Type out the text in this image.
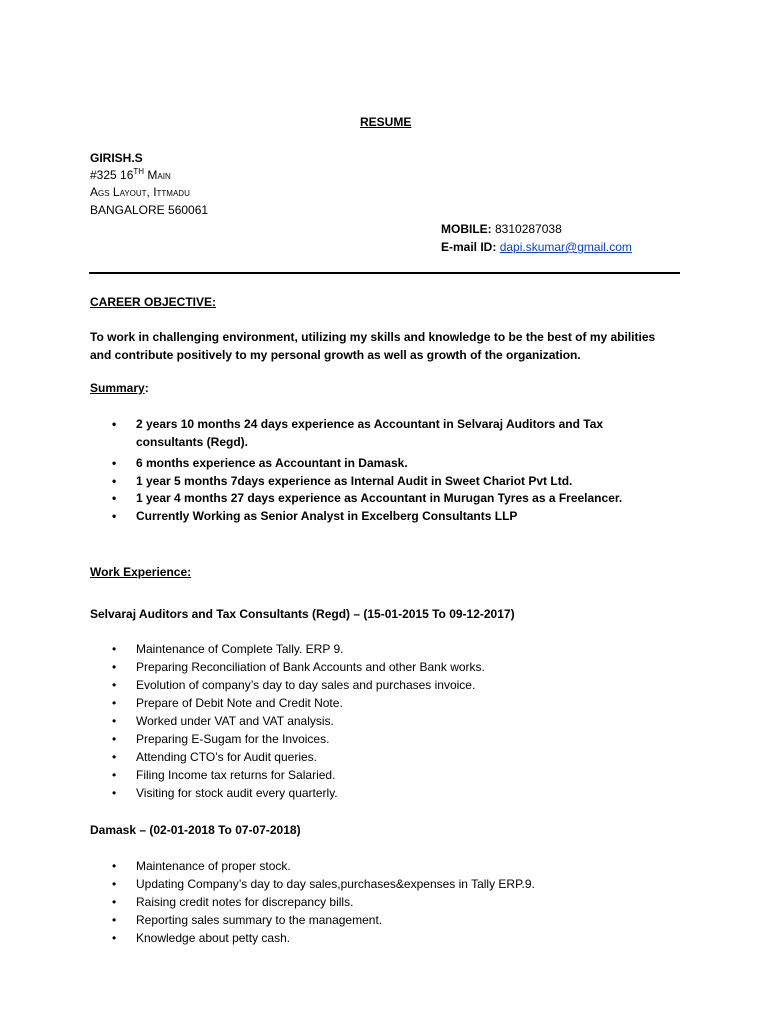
RESUME
GIRISH.S
#325 16TH Main
Ags Layout, Ittmadu
BANGALORE 560061
MOBILE: 8310287038
E-mail ID: dapi.skumar@gmail.com
CAREER OBJECTIVE:
To work in challenging environment, utilizing my skills and knowledge to be the best of my abilities and contribute positively to my personal growth as well as growth of the organization.
Summary:
• 2 years 10 months 24 days experience as Accountant in Selvaraj Auditors and Tax consultants (Regd).
• 6 months experience as Accountant in Damask.
• 1 year 5 months 7days experience as Internal Audit in Sweet Chariot Pvt Ltd.
• 1 year 4 months 27 days experience as Accountant in Murugan Tyres as a Freelancer.
• Currently Working as Senior Analyst in Excelberg Consultants LLP
Work Experience:
Selvaraj Auditors and Tax Consultants (Regd) – (15-01-2015 To 09-12-2017)
• Maintenance of Complete Tally. ERP 9.
• Preparing Reconciliation of Bank Accounts and other Bank works.
• Evolution of company’s day to day sales and purchases invoice.
• Prepare of Debit Note and Credit Note.
• Worked under VAT and VAT analysis.
• Preparing E-Sugam for the Invoices.
• Attending CTO’s for Audit queries.
• Filing Income tax returns for Salaried.
• Visiting for stock audit every quarterly.
Damask – (02-01-2018 To 07-07-2018)
• Maintenance of proper stock.
• Updating Company’s day to day sales,purchases&expenses in Tally ERP.9.
• Raising credit notes for discrepancy bills.
• Reporting sales summary to the management.
• Knowledge about petty cash.
